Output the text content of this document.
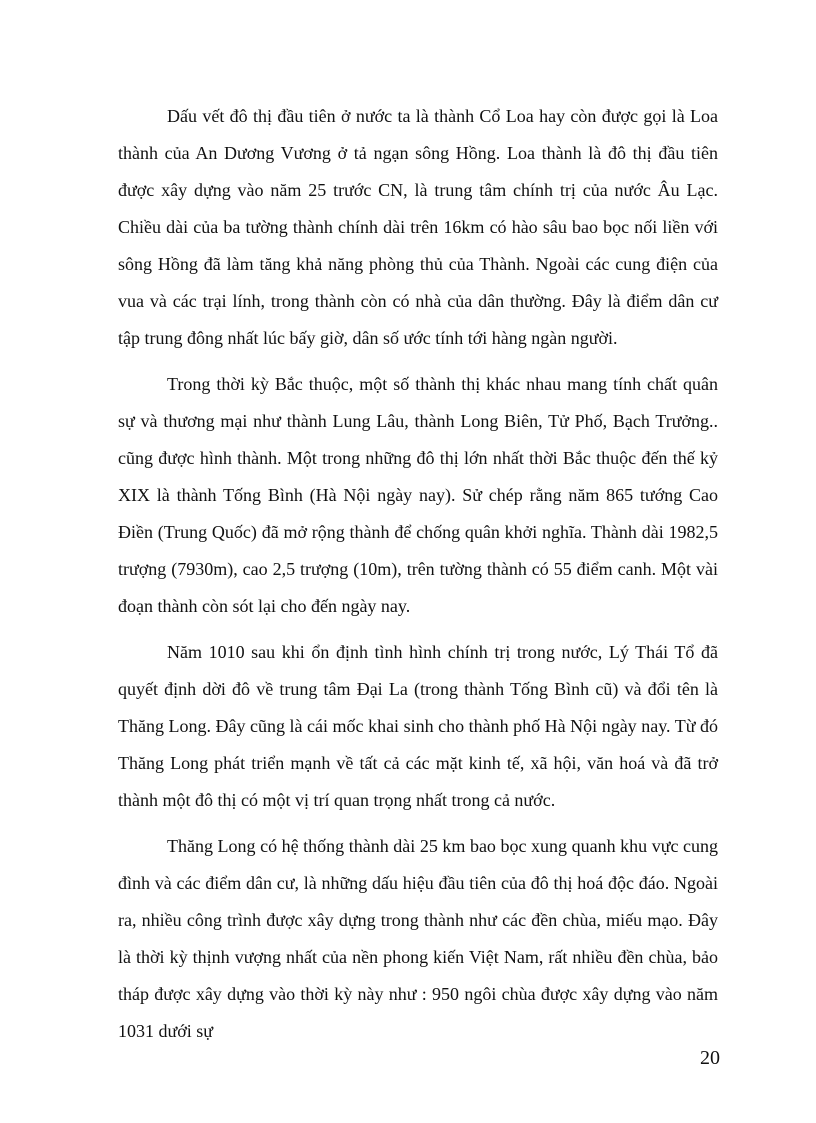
Dấu vết đô thị đầu tiên ở nước ta là thành Cổ Loa hay còn được gọi là Loa thành của An Dương Vương ở tả ngạn sông Hồng. Loa thành là đô thị đầu tiên được xây dựng vào năm 25 trước CN, là trung tâm chính trị của nước Âu Lạc. Chiều dài của ba tường thành chính dài trên 16km có hào sâu bao bọc nối liền với sông Hồng đã làm tăng khả năng phòng thủ của Thành. Ngoài các cung điện của vua và các trại lính, trong thành còn có nhà của dân thường. Đây là điểm dân cư tập trung đông nhất lúc bấy giờ, dân số ước tính tới hàng ngàn người.

Trong thời kỳ Bắc thuộc, một số thành thị khác nhau mang tính chất quân sự và thương mại như thành Lung Lâu, thành Long Biên, Tử Phố, Bạch Trưởng.. cũng được hình thành. Một trong những đô thị lớn nhất thời Bắc thuộc đến thế kỷ XIX là thành Tống Bình (Hà Nội ngày nay). Sử chép rằng năm 865 tướng Cao Điền (Trung Quốc) đã mở rộng thành để chống quân khởi nghĩa. Thành dài 1982,5 trượng (7930m), cao 2,5 trượng (10m), trên tường thành có 55 điểm canh. Một vài đoạn thành còn sót lại cho đến ngày nay.

Năm 1010 sau khi ổn định tình hình chính trị trong nước, Lý Thái Tổ đã quyết định dời đô về trung tâm Đại La (trong thành Tống Bình cũ) và đổi tên là Thăng Long. Đây cũng là cái mốc khai sinh cho thành phố Hà Nội ngày nay. Từ đó Thăng Long phát triển mạnh về tất cả các mặt kinh tế, xã hội, văn hoá và đã trở thành một đô thị có một vị trí quan trọng nhất trong cả nước.

Thăng Long có hệ thống thành dài 25 km bao bọc xung quanh khu vực cung đình và các điểm dân cư, là những dấu hiệu đầu tiên của đô thị hoá độc đáo. Ngoài ra, nhiều công trình được xây dựng trong thành như các đền chùa, miếu mạo. Đây là thời kỳ thịnh vượng nhất của nền phong kiến Việt Nam, rất nhiều đền chùa, bảo tháp được xây dựng vào thời kỳ này như : 950 ngôi chùa được xây dựng vào năm 1031 dưới sự

20
